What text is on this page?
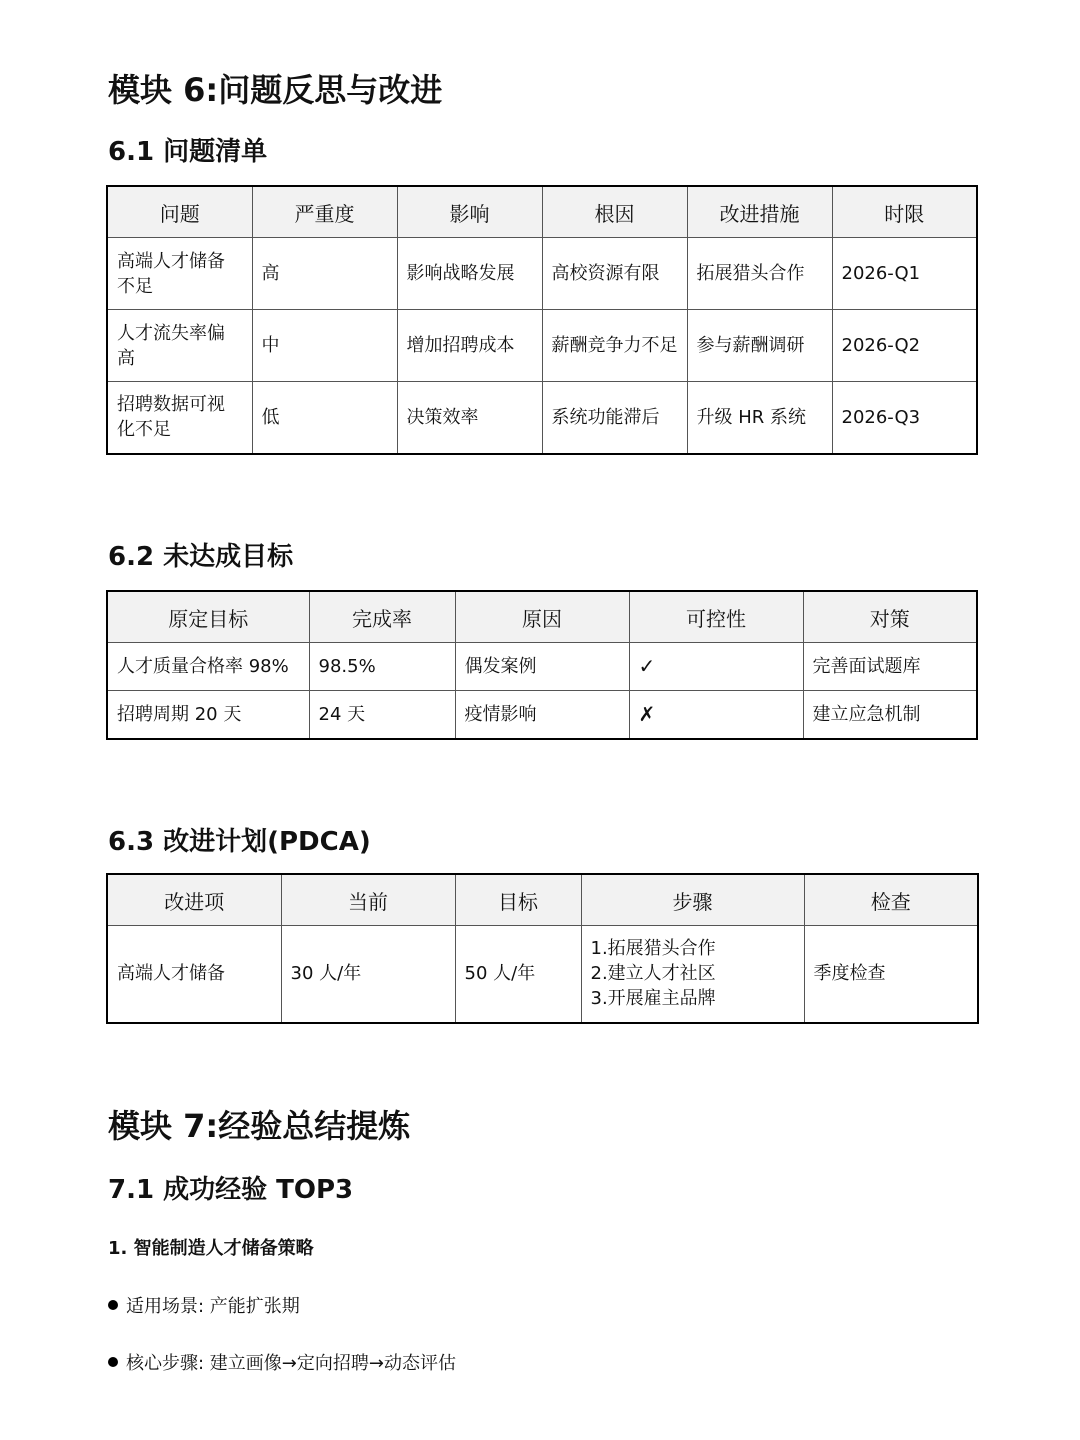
模块 6:问题反思与改进
6.1 问题清单
问题	严重度	影响	根因	改进措施	时限
高端人才储备不足	高	影响战略发展	高校资源有限	拓展猎头合作	2026-Q1
人才流失率偏高	中	增加招聘成本	薪酬竞争力不足	参与薪酬调研	2026-Q2
招聘数据可视化不足	低	决策效率	系统功能滞后	升级 HR 系统	2026-Q3
6.2 未达成目标
原定目标	完成率	原因	可控性	对策
人才质量合格率 98%	98.5%	偶发案例	✓	完善面试题库
招聘周期 20 天	24 天	疫情影响	✗	建立应急机制
6.3 改进计划(PDCA)
改进项	当前	目标	步骤	检查
高端人才储备	30 人/年	50 人/年	1.拓展猎头合作
2.建立人才社区
3.开展雇主品牌	季度检查
模块 7:经验总结提炼
7.1 成功经验 TOP3
1. 智能制造人才储备策略
适用场景: 产能扩张期
核心步骤: 建立画像→定向招聘→动态评估
